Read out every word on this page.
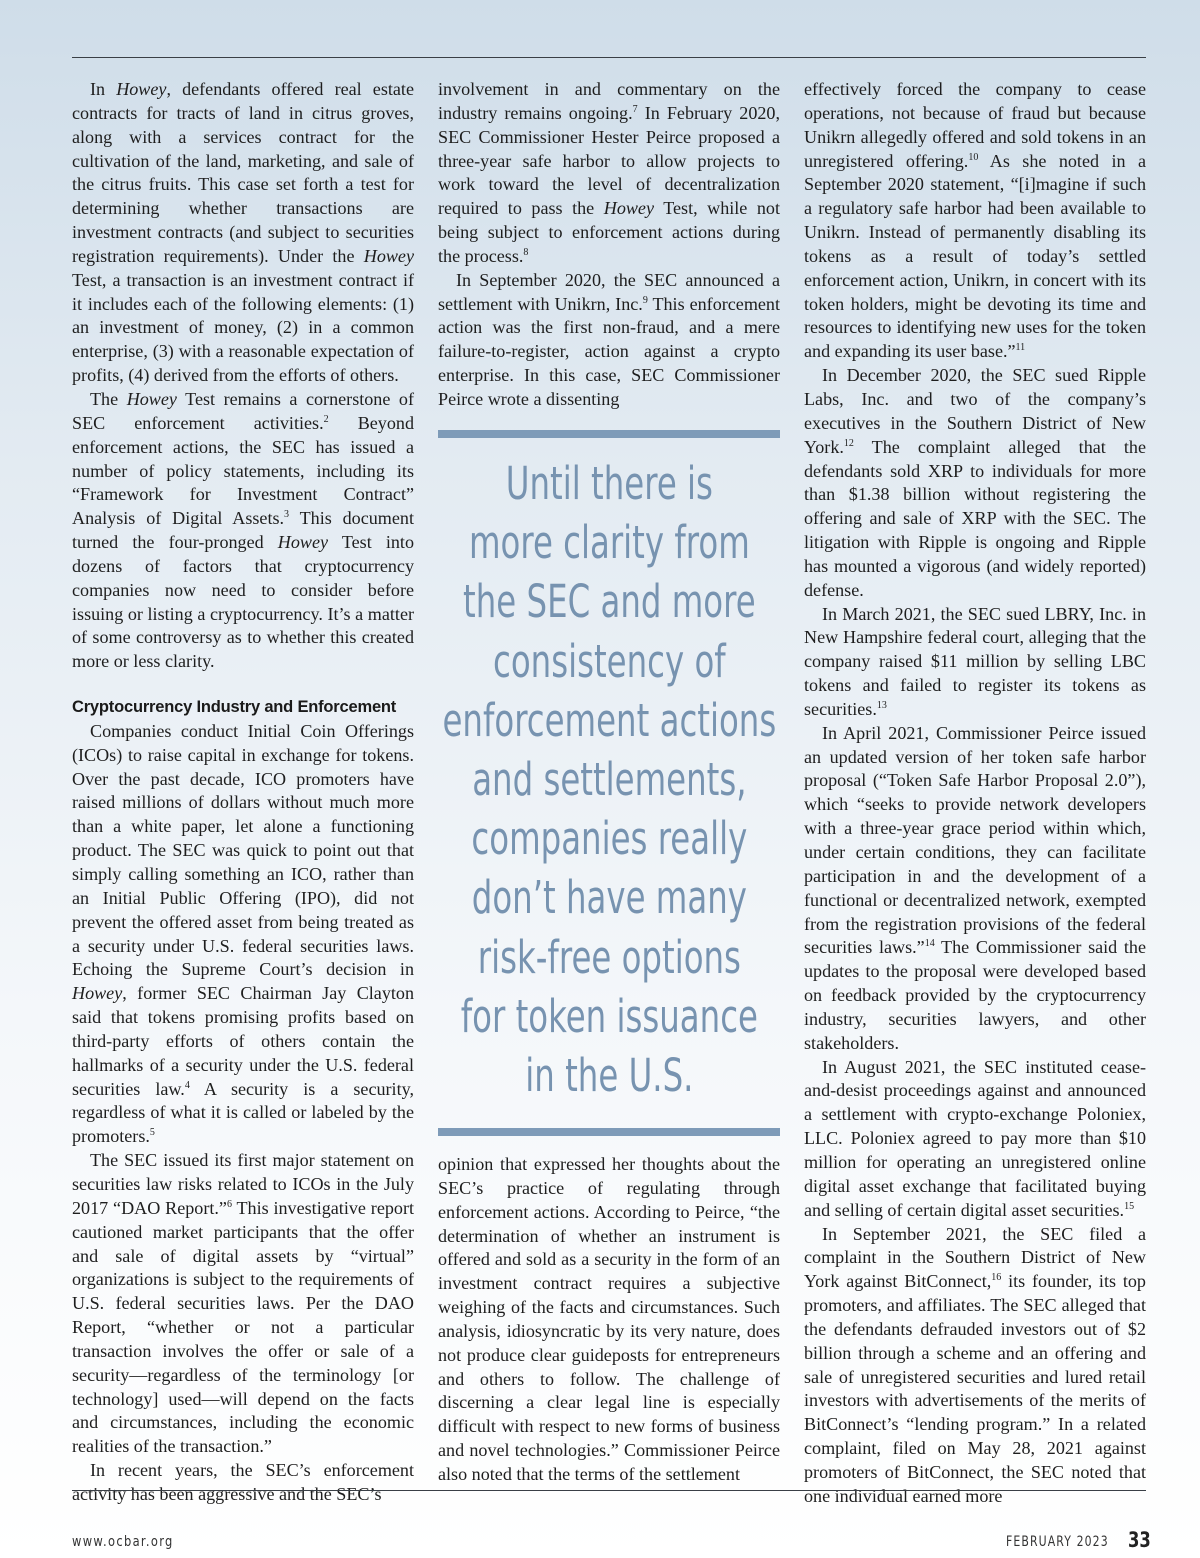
In Howey, defendants offered real estate contracts for tracts of land in citrus groves, along with a services contract for the cultivation of the land, marketing, and sale of the citrus fruits. This case set forth a test for determining whether transactions are investment contracts (and subject to securities registration requirements). Under the Howey Test, a transaction is an investment contract if it includes each of the following elements: (1) an investment of money, (2) in a common enterprise, (3) with a reasonable expectation of profits, (4) derived from the efforts of others.

The Howey Test remains a cornerstone of SEC enforcement activities.$^2$ Beyond enforcement actions, the SEC has issued a number of policy statements, including its “Framework for Investment Contract” Analysis of Digital Assets.$^3$ This document turned the four-pronged Howey Test into dozens of factors that cryptocurrency companies now need to consider before issuing or listing a cryptocurrency. It’s a matter of some controversy as to whether this created more or less clarity.

Cryptocurrency Industry and Enforcement

Companies conduct Initial Coin Offerings (ICOs) to raise capital in exchange for tokens. Over the past decade, ICO promoters have raised millions of dollars without much more than a white paper, let alone a functioning product. The SEC was quick to point out that simply calling something an ICO, rather than an Initial Public Offering (IPO), did not prevent the offered asset from being treated as a security under U.S. federal securities laws. Echoing the Supreme Court’s decision in Howey, former SEC Chairman Jay Clayton said that tokens promising profits based on third-party efforts of others contain the hallmarks of a security under the U.S. federal securities law.$^4$ A security is a security, regardless of what it is called or labeled by the promoters.$^5$

The SEC issued its first major statement on securities law risks related to ICOs in the July 2017 “DAO Report.”$^6$ This investigative report cautioned market participants that the offer and sale of digital assets by “virtual” organizations is subject to the requirements of U.S. federal securities laws. Per the DAO Report, “whether or not a particular transaction involves the offer or sale of a security—regardless of the terminology [or technology] used—will depend on the facts and circumstances, including the economic realities of the transaction.”

In recent years, the SEC’s enforcement activity has been aggressive and the SEC’s

involvement in and commentary on the industry remains ongoing.$^7$ In February 2020, SEC Commissioner Hester Peirce proposed a three-year safe harbor to allow projects to work toward the level of decentralization required to pass the Howey Test, while not being subject to enforcement actions during the process.$^8$

In September 2020, the SEC announced a settlement with Unikrn, Inc.$^9$ This enforcement action was the first non-fraud, and a mere failure-to-register, action against a crypto enterprise. In this case, SEC Commissioner Peirce wrote a dissenting

Until there is
more clarity from
the SEC and more
consistency of
enforcement actions
and settlements,
companies really
don’t have many
risk-free options
for token issuance
in the U.S.

opinion that expressed her thoughts about the SEC’s practice of regulating through enforcement actions. According to Peirce, “the determination of whether an instrument is offered and sold as a security in the form of an investment contract requires a subjective weighing of the facts and circumstances. Such analysis, idiosyncratic by its very nature, does not produce clear guideposts for entrepreneurs and others to follow. The challenge of discerning a clear legal line is especially difficult with respect to new forms of business and novel technologies.” Commissioner Peirce also noted that the terms of the settlement

effectively forced the company to cease operations, not because of fraud but because Unikrn allegedly offered and sold tokens in an unregistered offering.$^{10}$ As she noted in a September 2020 statement, “[i]magine if such a regulatory safe harbor had been available to Unikrn. Instead of permanently disabling its tokens as a result of today’s settled enforcement action, Unikrn, in concert with its token holders, might be devoting its time and resources to identifying new uses for the token and expanding its user base.”$^{11}$

In December 2020, the SEC sued Ripple Labs, Inc. and two of the company’s executives in the Southern District of New York.$^{12}$ The complaint alleged that the defendants sold XRP to individuals for more than $1.38 billion without registering the offering and sale of XRP with the SEC. The litigation with Ripple is ongoing and Ripple has mounted a vigorous (and widely reported) defense.

In March 2021, the SEC sued LBRY, Inc. in New Hampshire federal court, alleging that the company raised $11 million by selling LBC tokens and failed to register its tokens as securities.$^{13}$

In April 2021, Commissioner Peirce issued an updated version of her token safe harbor proposal (“Token Safe Harbor Proposal 2.0”), which “seeks to provide network developers with a three-year grace period within which, under certain conditions, they can facilitate participation in and the development of a functional or decentralized network, exempted from the registration provisions of the federal securities laws.”$^{14}$ The Commissioner said the updates to the proposal were developed based on feedback provided by the cryptocurrency industry, securities lawyers, and other stakeholders.

In August 2021, the SEC instituted cease-and-desist proceedings against and announced a settlement with crypto-exchange Poloniex, LLC. Poloniex agreed to pay more than $10 million for operating an unregistered online digital asset exchange that facilitated buying and selling of certain digital asset securities.$^{15}$

In September 2021, the SEC filed a complaint in the Southern District of New York against BitConnect,$^{16}$ its founder, its top promoters, and affiliates. The SEC alleged that the defendants defrauded investors out of $2 billion through a scheme and an offering and sale of unregistered securities and lured retail investors with advertisements of the merits of BitConnect’s “lending program.” In a related complaint, filed on May 28, 2021 against promoters of BitConnect, the SEC noted that one individual earned more

www.ocbar.org	FEBRUARY 2023 33
